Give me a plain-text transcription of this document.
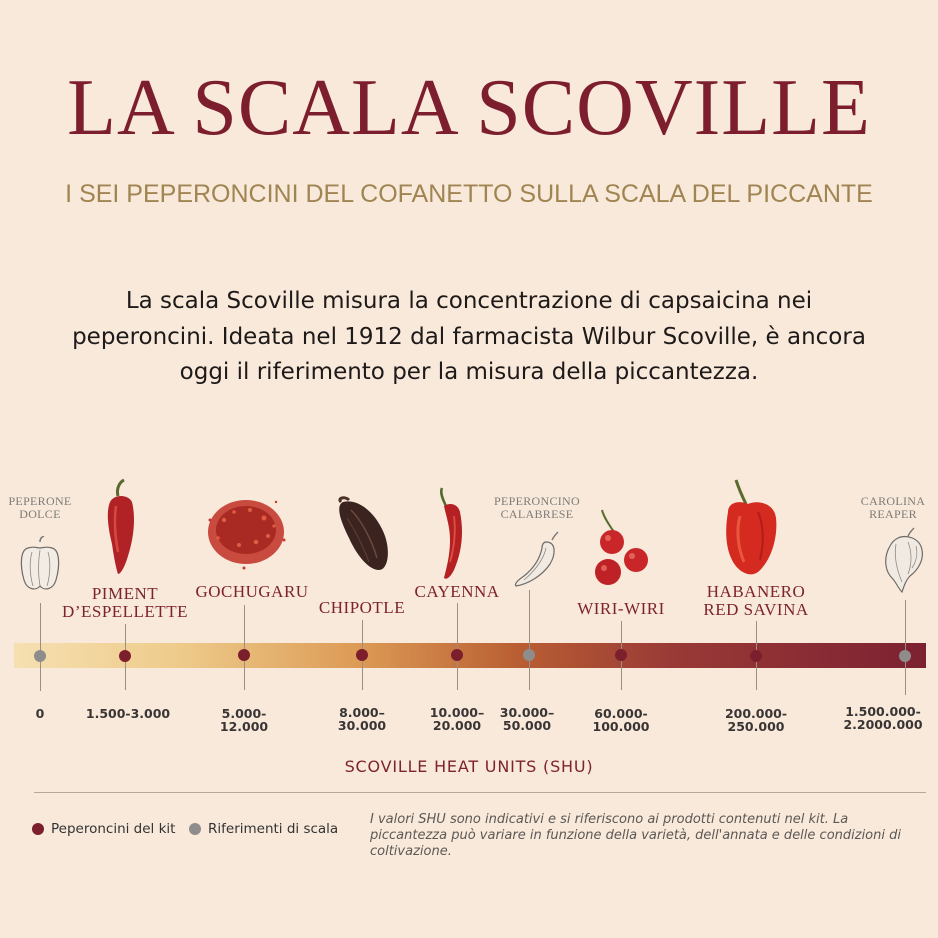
LA SCALA SCOVILLE
I SEI PEPERONCINI DEL COFANETTO SULLA SCALA DEL PICCANTE
La scala Scoville misura la concentrazione di capsaicina nei peperoncini. Ideata nel 1912 dal farmacista Wilbur Scoville, è ancora oggi il riferimento per la misura della piccantezza.
PEPERONE
DOLCE
PIMENT
D’ESPELLETTE
GOCHUGARU
CHIPOTLE
CAYENNA
PEPERONCINO
CALABRESE
WIRI-WIRI
HABANERO
RED SAVINA
CAROLINA
REAPER
0	1.500-3.000	5.000-
12.000
8.000–
30.000
10.000–
20.000
30.000–
50.000
60.000-
100.000
200.000-
250.000
1.500.000-
2.2000.000
SCOVILLE HEAT UNITS (SHU)
Peperoncini del kit Riferimenti di scala
I valori SHU sono indicativi e si riferiscono ai prodotti contenuti nel kit. La piccantezza può variare in funzione della varietà, dell'annata e delle condizioni di coltivazione.
